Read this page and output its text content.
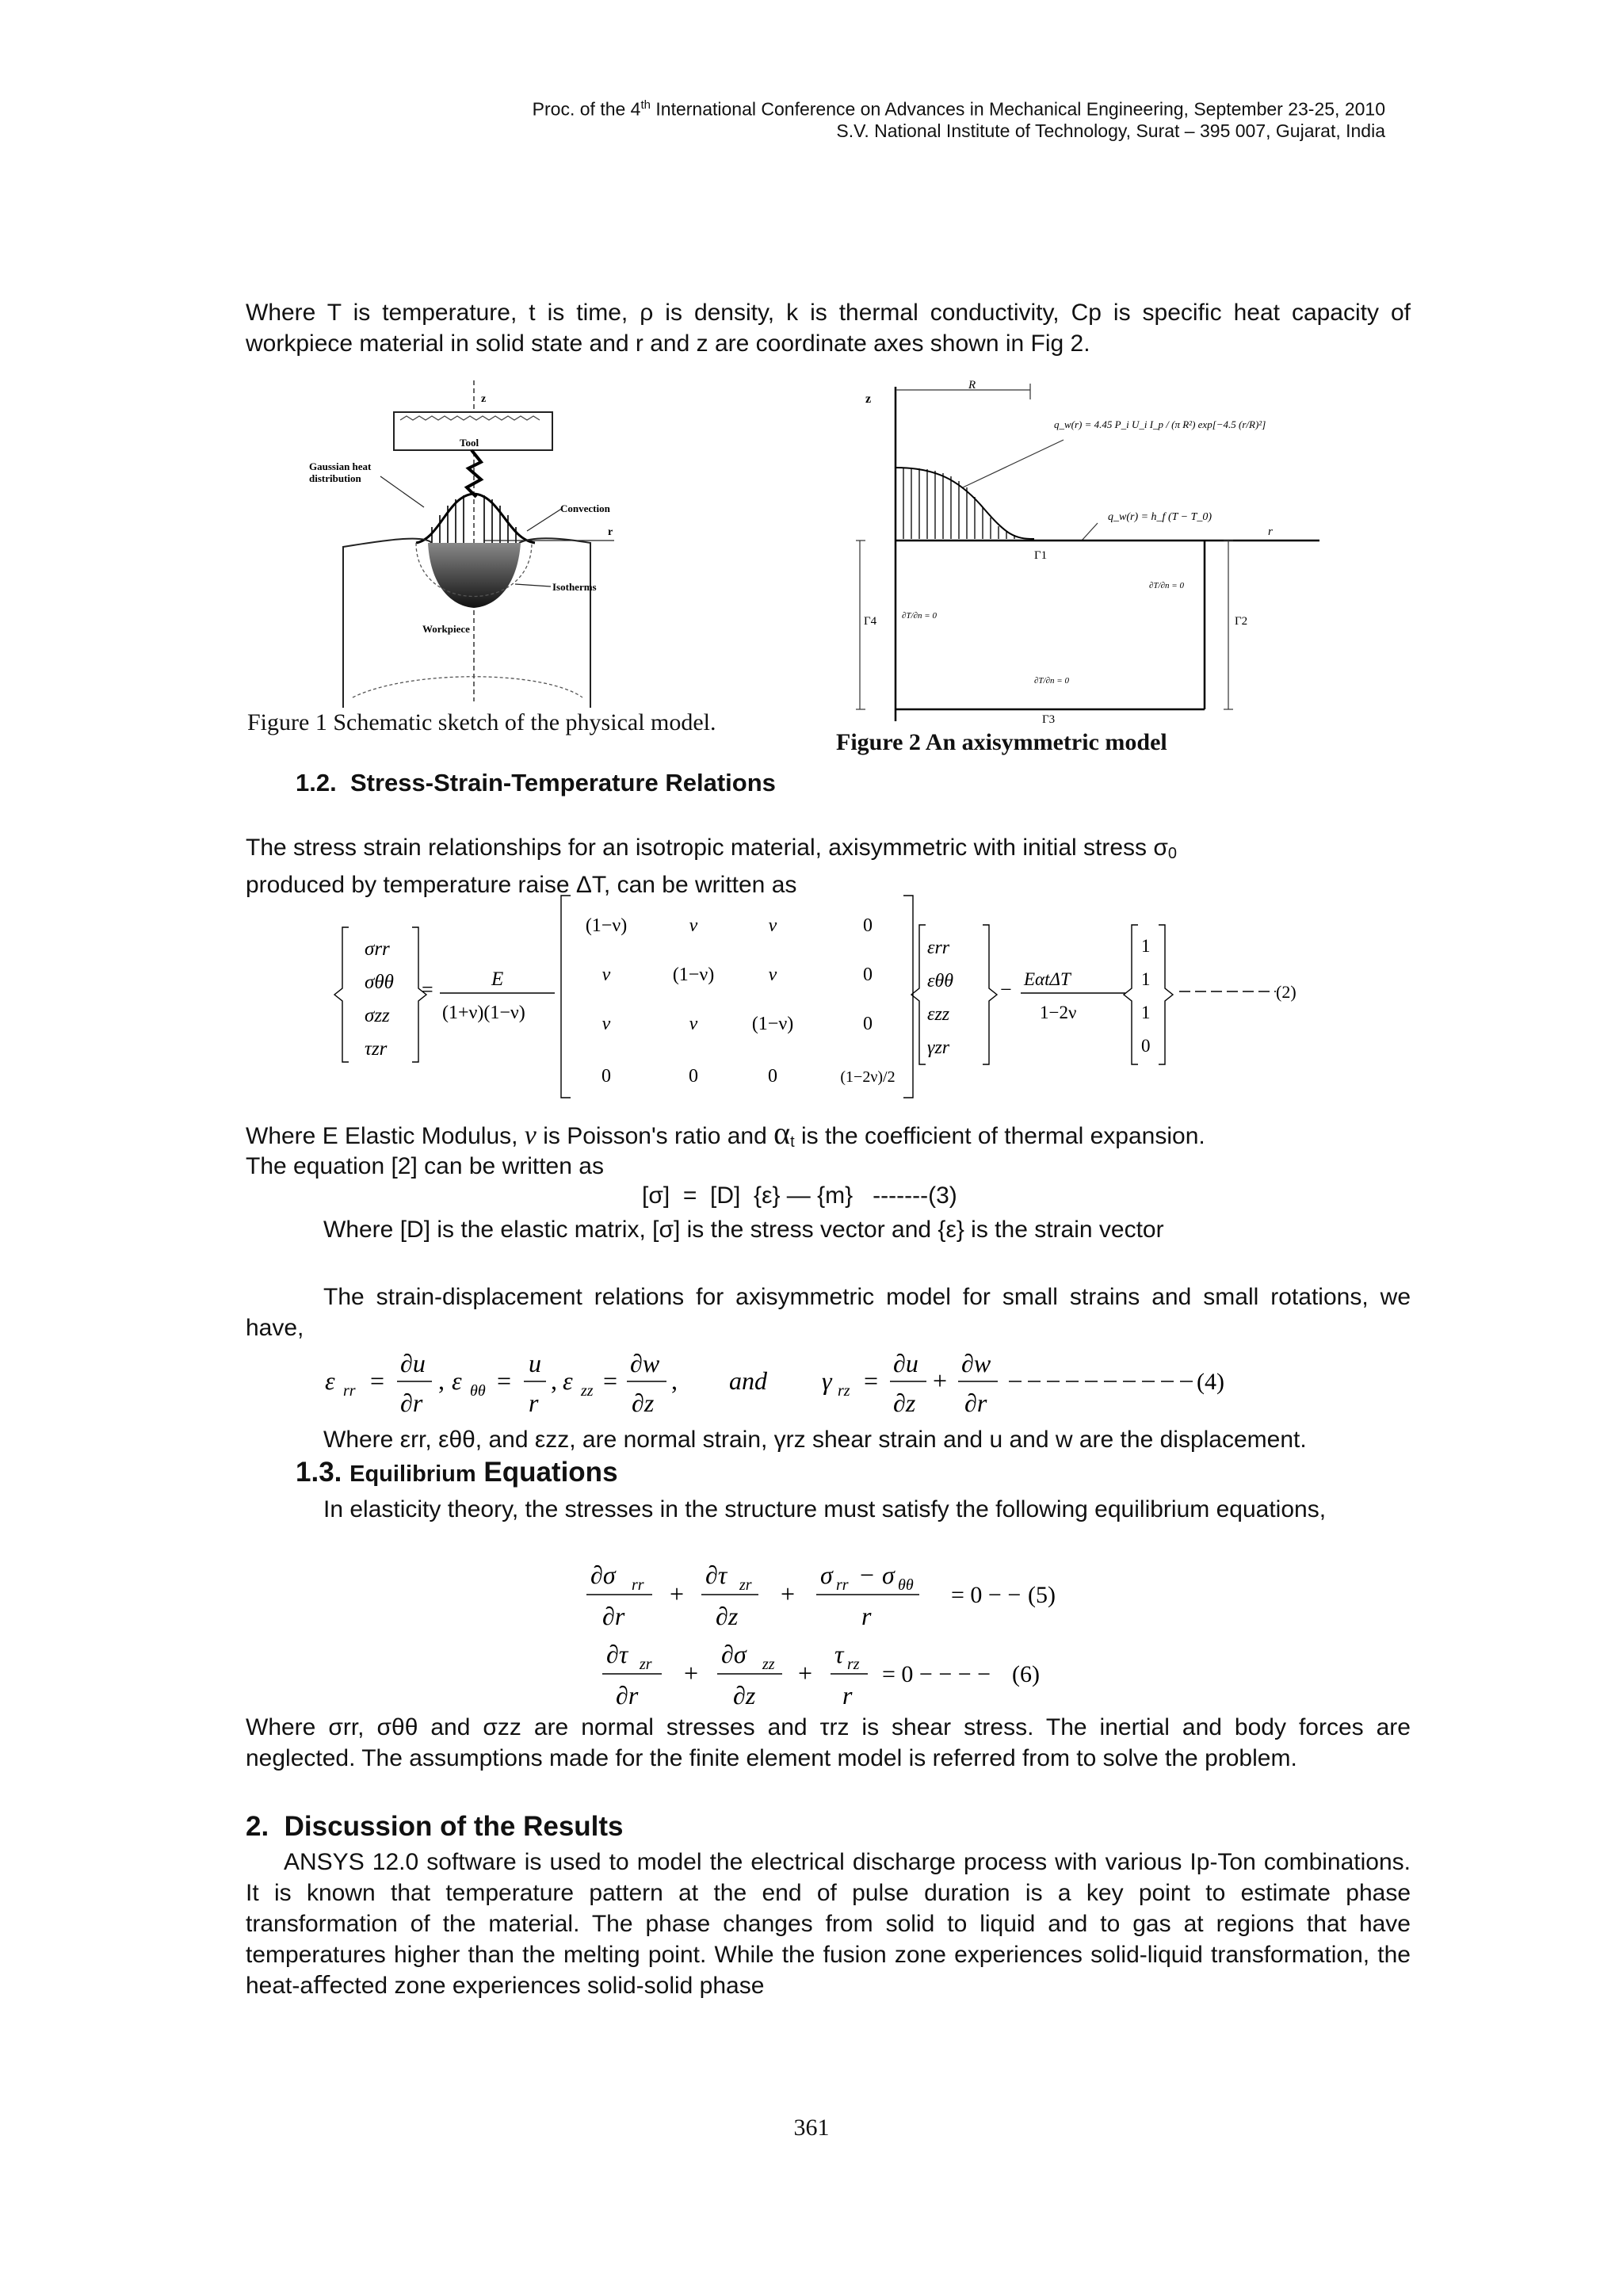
Proc. of the 4th International Conference on Advances in Mechanical Engineering, September 23-25, 2010
S.V. National Institute of Technology, Surat – 395 007, Gujarat, India
Where T is temperature, t is time, ρ is density, k is thermal conductivity, Cp is specific heat capacity of workpiece material in solid state and r and z are coordinate axes shown in Fig 2.
z
Tool
Gaussian heat
distribution
Convection
r
Isotherms
Workpiece
Figure 1 Schematic sketch of the physical model.
z
R
q_w(r) = 4.45 P_i U_i I_p / (π R²) exp[−4.5 (r/R)²]
q_w(r) = h_f (T − T_0)
r
Γ1
Γ4	Γ2
Γ3
∂T/∂n = 0
∂T/∂n = 0
∂T/∂n = 0
Figure 2 An axisymmetric model
1.2. Stress-Strain-Temperature Relations
The stress strain relationships for an isotropic material, axisymmetric with initial stress $\sigma_0$
produced by temperature raise ΔT, can be written as
σrr
σθθ
σzz
τzr
=	E
(1+ν)(1−ν)
(1−ν)	ν	ν	0
ν	(1−ν)	ν	0
ν	ν	(1−ν)	0
0	0	0	(1−2ν)/2
εrr
εθθ
εzz
γzr
− EαtΔT
1−2ν
1
1
1
0
(2)
Where E Elastic Modulus, ν is Poisson's ratio and $\alpha_t$ is the coefficient of thermal expansion.
The equation [2] can be written as
[σ]  =  [D]  {ε} — {m}   -------(3)
Where [D] is the elastic matrix, [σ] is the stress vector and {ε} is the strain vector
The strain-displacement relations for axisymmetric model for small strains and small rotations, we have,
ε rr =
∂u
∂r
, ε θθ =
u
r
, ε zz =
∂w
∂z
, and γ rz =
∂u
∂z
+
∂w
∂r
(4)
Where εrr, εθθ, and εzz, are normal strain, γrz shear strain and u and w are the displacement.
1.3. Equilibrium Equations
In elasticity theory, the stresses in the structure must satisfy the following equilibrium equations,
∂σ rr
∂r
+
∂τ zr
∂z
+
σ rr − σ θθ
r
= 0 − − (5)
∂τ zr
∂r
+
∂σ zz
∂z
+
τ rz
r
= 0 − − − − (6)
Where σrr, σθθ and σzz are normal stresses and τrz is shear stress. The inertial and body forces are neglected. The assumptions made for the finite element model is referred from to solve the problem.
2. Discussion of the Results
ANSYS 12.0 software is used to model the electrical discharge process with various Ip-Ton combinations. It is known that temperature pattern at the end of pulse duration is a key point to estimate phase transformation of the material. The phase changes from solid to liquid and to gas at regions that have temperatures higher than the melting point. While the fusion zone experiences solid-liquid transformation, the heat-aﬀected zone experiences solid-solid phase
361
